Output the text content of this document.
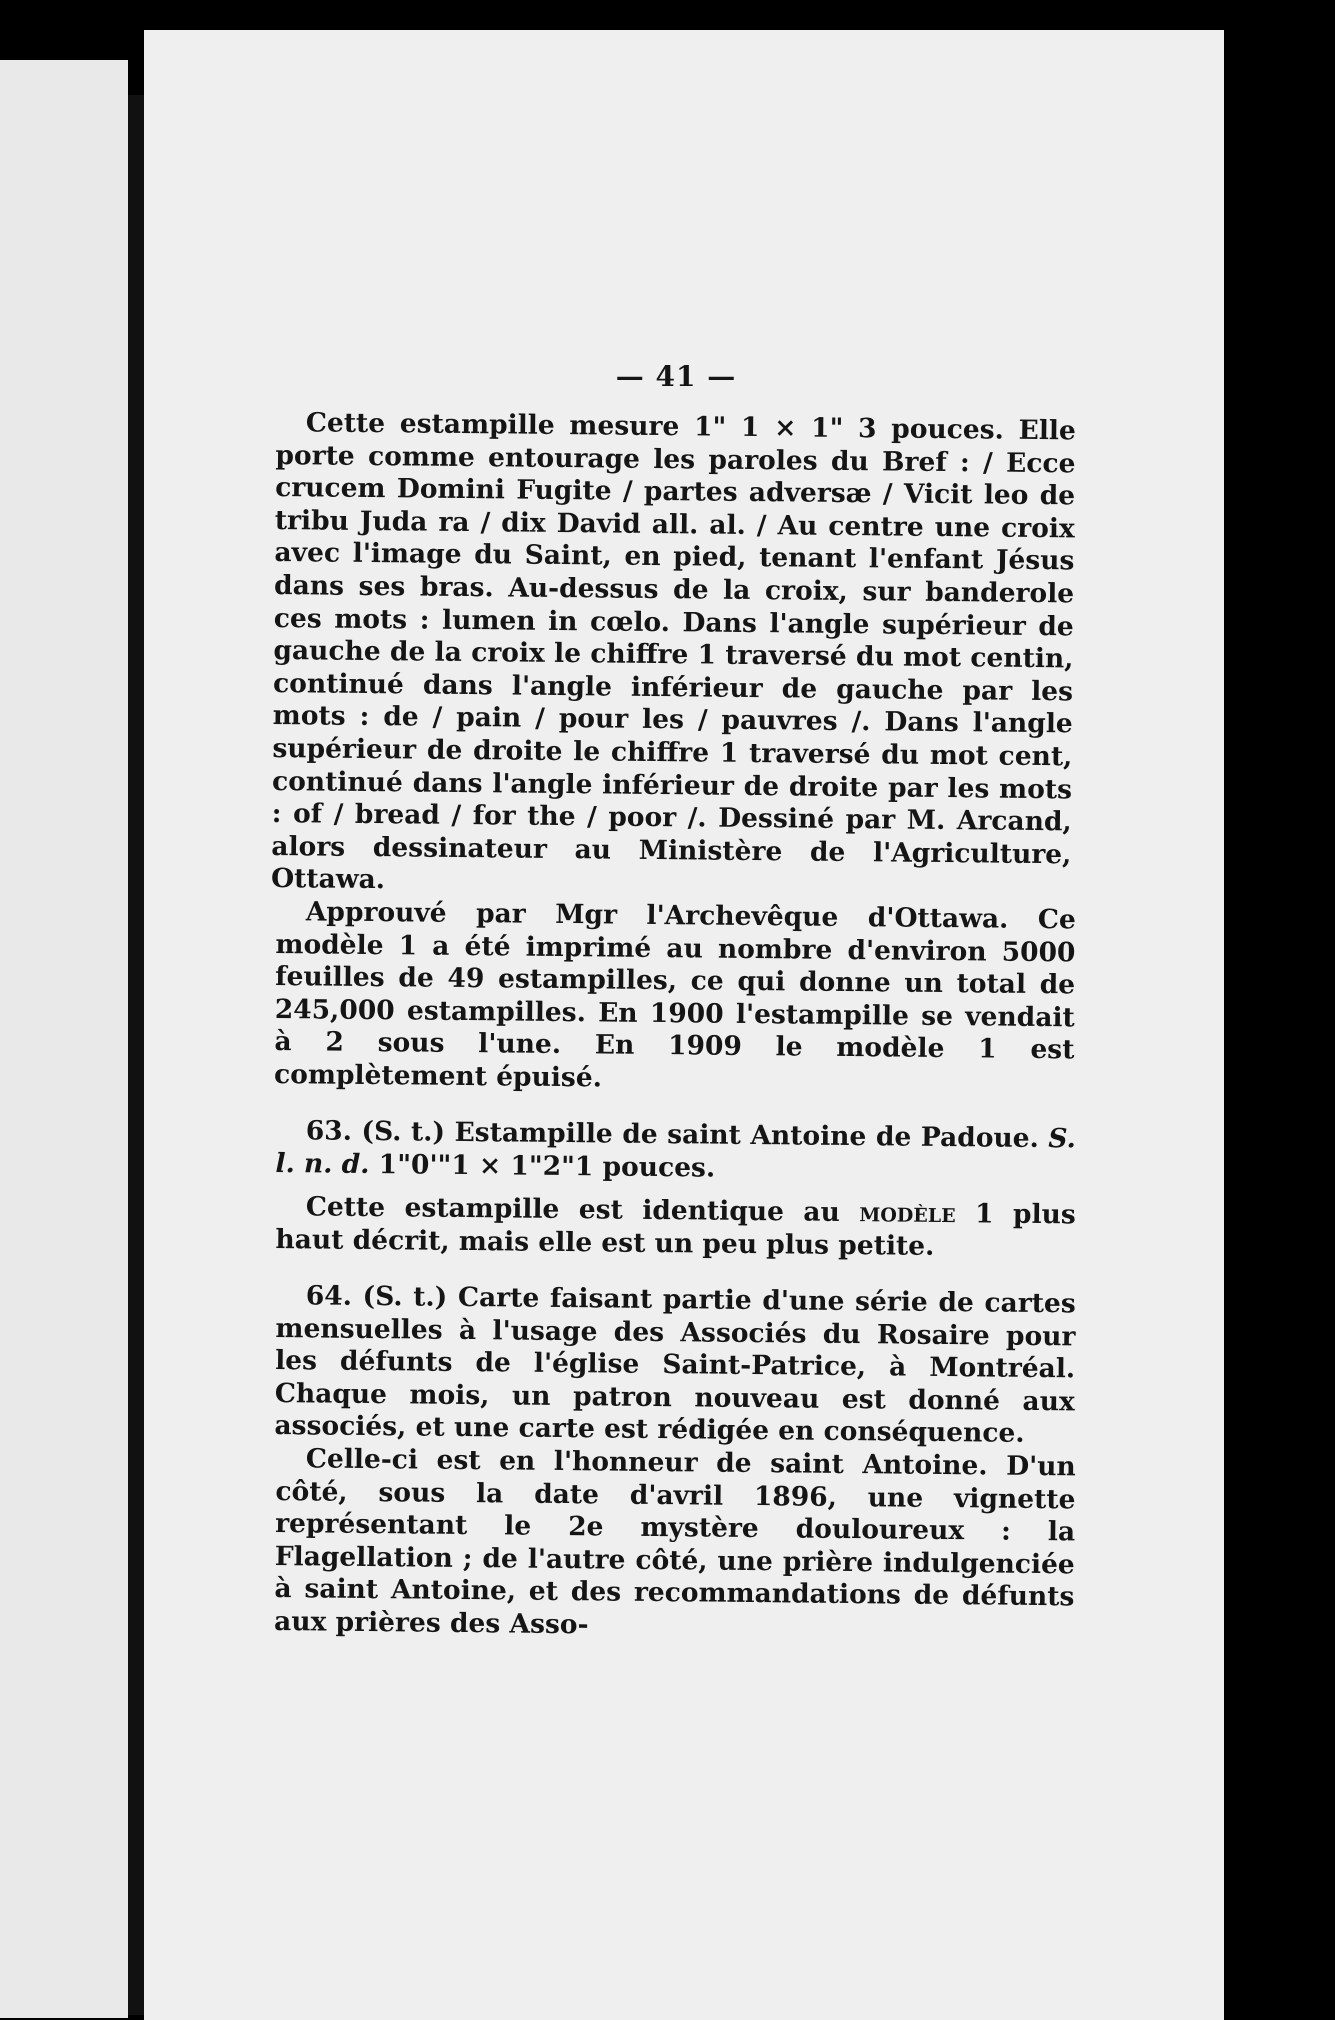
— 41 —

Cette estampille mesure 1" 1 × 1" 3 pouces. Elle porte comme entourage les paroles du Bref : / Ecce crucem Domini Fugite / partes adversæ / Vicit leo de tribu Juda ra / dix David all. al. / Au centre une croix avec l'image du Saint, en pied, tenant l'enfant Jésus dans ses bras. Au-dessus de la croix, sur banderole ces mots : lumen in cœlo. Dans l'angle supérieur de gauche de la croix le chiffre 1 traversé du mot centin, continué dans l'angle inférieur de gauche par les mots : de / pain / pour les / pauvres /. Dans l'angle supérieur de droite le chiffre 1 traversé du mot cent, continué dans l'angle inférieur de droite par les mots : of / bread / for the / poor /. Dessiné par M. Arcand, alors dessinateur au Ministère de l'Agriculture, Ottawa.

Approuvé par Mgr l'Archevêque d'Ottawa. Ce modèle 1 a été imprimé au nombre d'environ 5000 feuilles de 49 estampilles, ce qui donne un total de 245,000 estampilles. En 1900 l'estampille se vendait à 2 sous l'une. En 1909 le modèle 1 est complètement épuisé.

63. (S. t.) Estampille de saint Antoine de Padoue. S. l. n. d. 1"0'"1 × 1"2"1 pouces.

Cette estampille est identique au modèle 1 plus haut décrit, mais elle est un peu plus petite.

64. (S. t.) Carte faisant partie d'une série de cartes mensuelles à l'usage des Associés du Rosaire pour les défunts de l'église Saint-Patrice, à Montréal. Chaque mois, un patron nouveau est donné aux associés, et une carte est rédigée en conséquence.

Celle-ci est en l'honneur de saint Antoine. D'un côté, sous la date d'avril 1896, une vignette représentant le 2e mystère douloureux : la Flagellation ; de l'autre côté, une prière indulgenciée à saint Antoine, et des recommandations de défunts aux prières des Asso-
